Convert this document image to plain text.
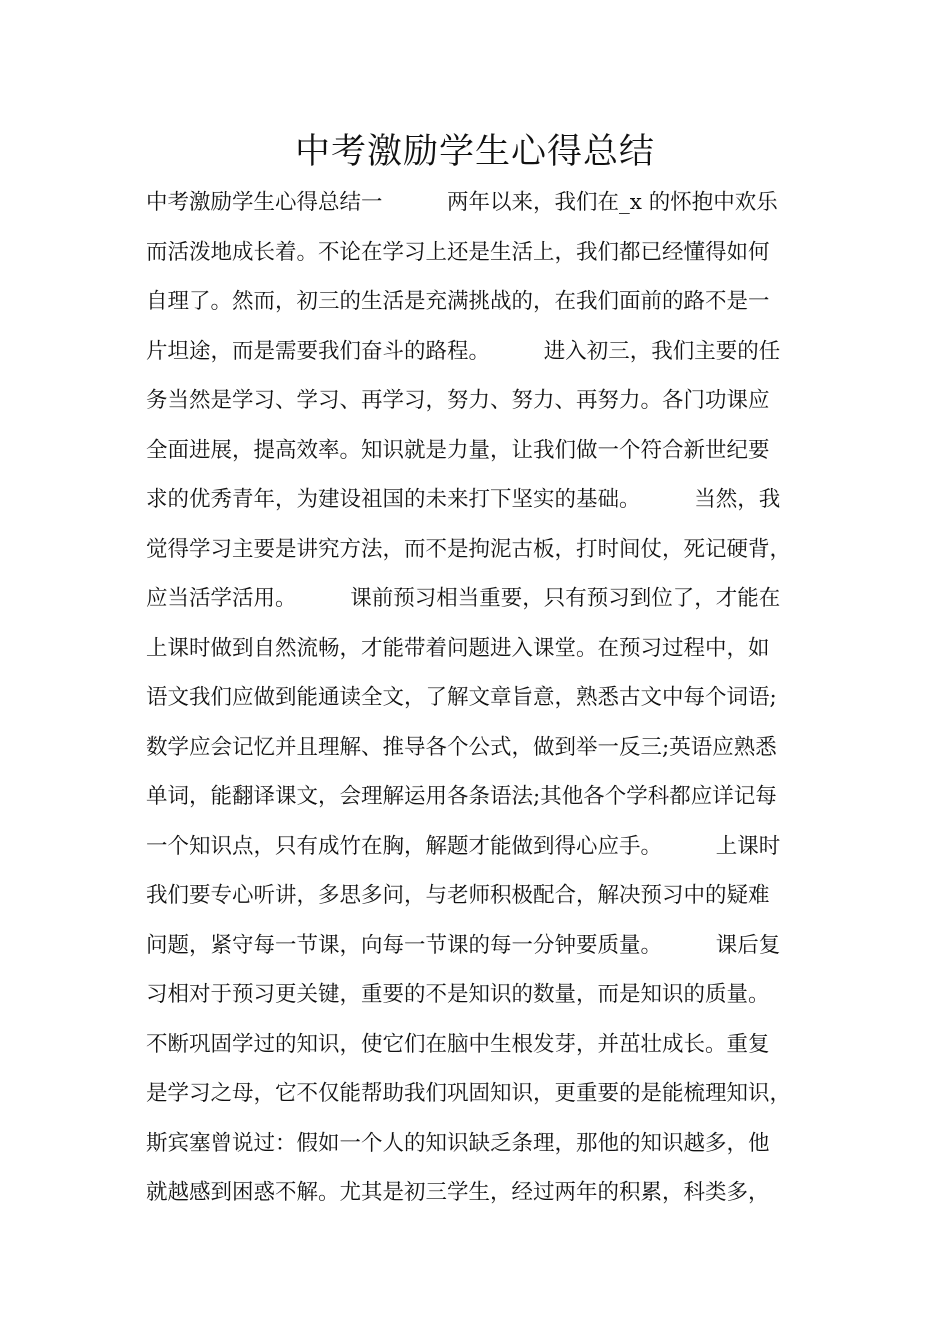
中考激励学生心得总结
中考激励学生心得总结一　　　两年以来，我们在_x 的怀抱中欢乐
而活泼地成长着。不论在学习上还是生活上，我们都已经懂得如何
自理了。然而，初三的生活是充满挑战的，在我们面前的路不是一
片坦途，而是需要我们奋斗的路程。　　　进入初三，我们主要的任
务当然是学习、学习、再学习，努力、努力、再努力。各门功课应
全面进展，提高效率。知识就是力量，让我们做一个符合新世纪要
求的优秀青年，为建设祖国的未来打下坚实的基础。　　　当然，我
觉得学习主要是讲究方法，而不是拘泥古板，打时间仗，死记硬背，
应当活学活用。　　　课前预习相当重要，只有预习到位了，才能在
上课时做到自然流畅，才能带着问题进入课堂。在预习过程中，如
语文我们应做到能通读全文，了解文章旨意，熟悉古文中每个词语;
数学应会记忆并且理解、推导各个公式，做到举一反三;英语应熟悉
单词，能翻译课文，会理解运用各条语法;其他各个学科都应详记每
一个知识点，只有成竹在胸，解题才能做到得心应手。　　　上课时
我们要专心听讲，多思多问，与老师积极配合，解决预习中的疑难
问题，紧守每一节课，向每一节课的每一分钟要质量。　　　课后复
习相对于预习更关键，重要的不是知识的数量，而是知识的质量。
不断巩固学过的知识，使它们在脑中生根发芽，并茁壮成长。重复
是学习之母，它不仅能帮助我们巩固知识，更重要的是能梳理知识，
斯宾塞曾说过：假如一个人的知识缺乏条理，那他的知识越多，他
就越感到困惑不解。尤其是初三学生，经过两年的积累，科类多，
